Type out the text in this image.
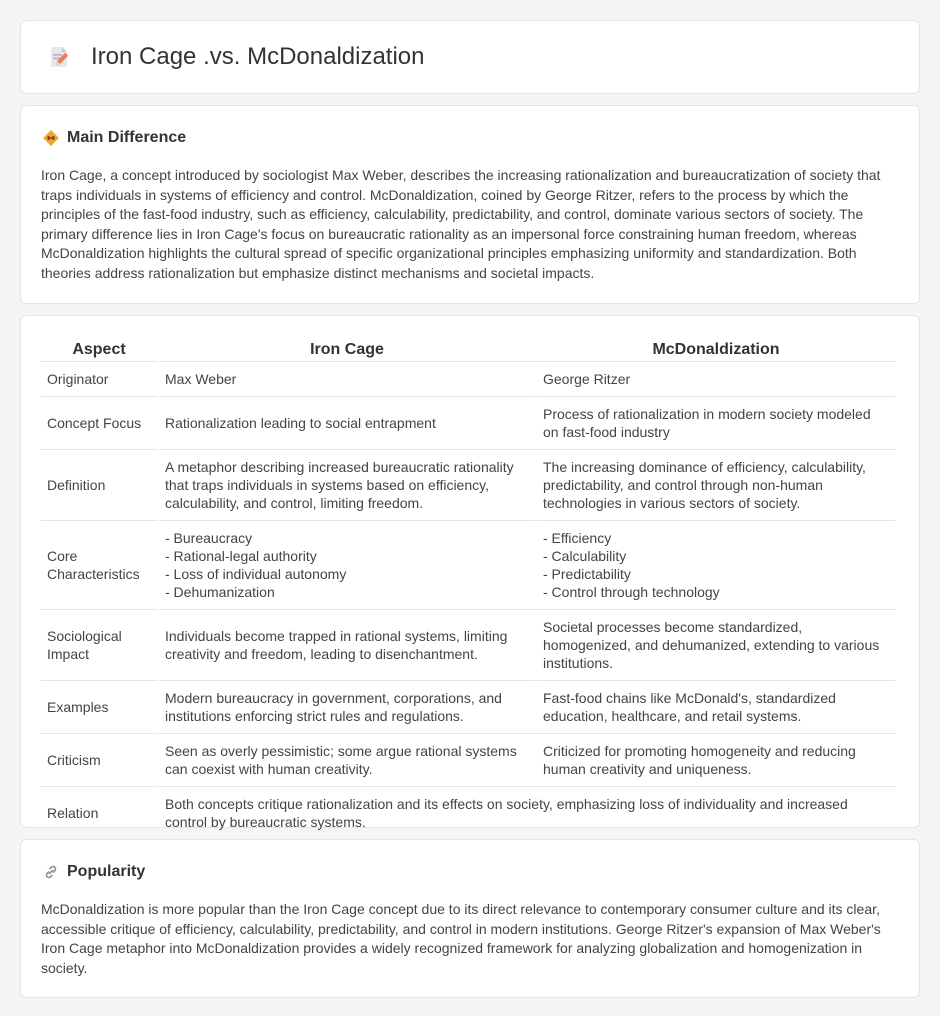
Iron Cage .vs. McDonaldization
Main Difference

Iron Cage, a concept introduced by sociologist Max Weber, describes the increasing rationalization and bureaucratization of society that traps individuals in systems of efficiency and control. McDonaldization, coined by George Ritzer, refers to the process by which the principles of the fast-food industry, such as efficiency, calculability, predictability, and control, dominate various sectors of society. The primary difference lies in Iron Cage's focus on bureaucratic rationality as an impersonal force constraining human freedom, whereas McDonaldization highlights the cultural spread of specific organizational principles emphasizing uniformity and standardization. Both theories address rationalization but emphasize distinct mechanisms and societal impacts.

Aspect	Iron Cage	McDonaldization
Originator	Max Weber	George Ritzer
Concept Focus	Rationalization leading to social entrapment	Process of rationalization in modern society modeled on fast-food industry
Definition	A metaphor describing increased bureaucratic rationality that traps individuals in systems based on efficiency, calculability, and control, limiting freedom.	The increasing dominance of efficiency, calculability, predictability, and control through non-human technologies in various sectors of society.
Core Characteristics	- Bureaucracy
- Rational-legal authority
- Loss of individual autonomy
- Dehumanization	- Efficiency
- Calculability
- Predictability
- Control through technology

Sociological Impact	Individuals become trapped in rational systems, limiting creativity and freedom, leading to disenchantment.	Societal processes become standardized, homogenized, and dehumanized, extending to various institutions.
Examples	Modern bureaucracy in government, corporations, and institutions enforcing strict rules and regulations.	Fast-food chains like McDonald's, standardized education, healthcare, and retail systems.
Criticism	Seen as overly pessimistic; some argue rational systems can coexist with human creativity.	Criticized for promoting homogeneity and reducing human creativity and uniqueness.
Relation	Both concepts critique rationalization and its effects on society, emphasizing loss of individuality and increased control by bureaucratic systems.	
Popularity

McDonaldization is more popular than the Iron Cage concept due to its direct relevance to contemporary consumer culture and its clear, accessible critique of efficiency, calculability, predictability, and control in modern institutions. George Ritzer's expansion of Max Weber's Iron Cage metaphor into McDonaldization provides a widely recognized framework for analyzing globalization and homogenization in society.
